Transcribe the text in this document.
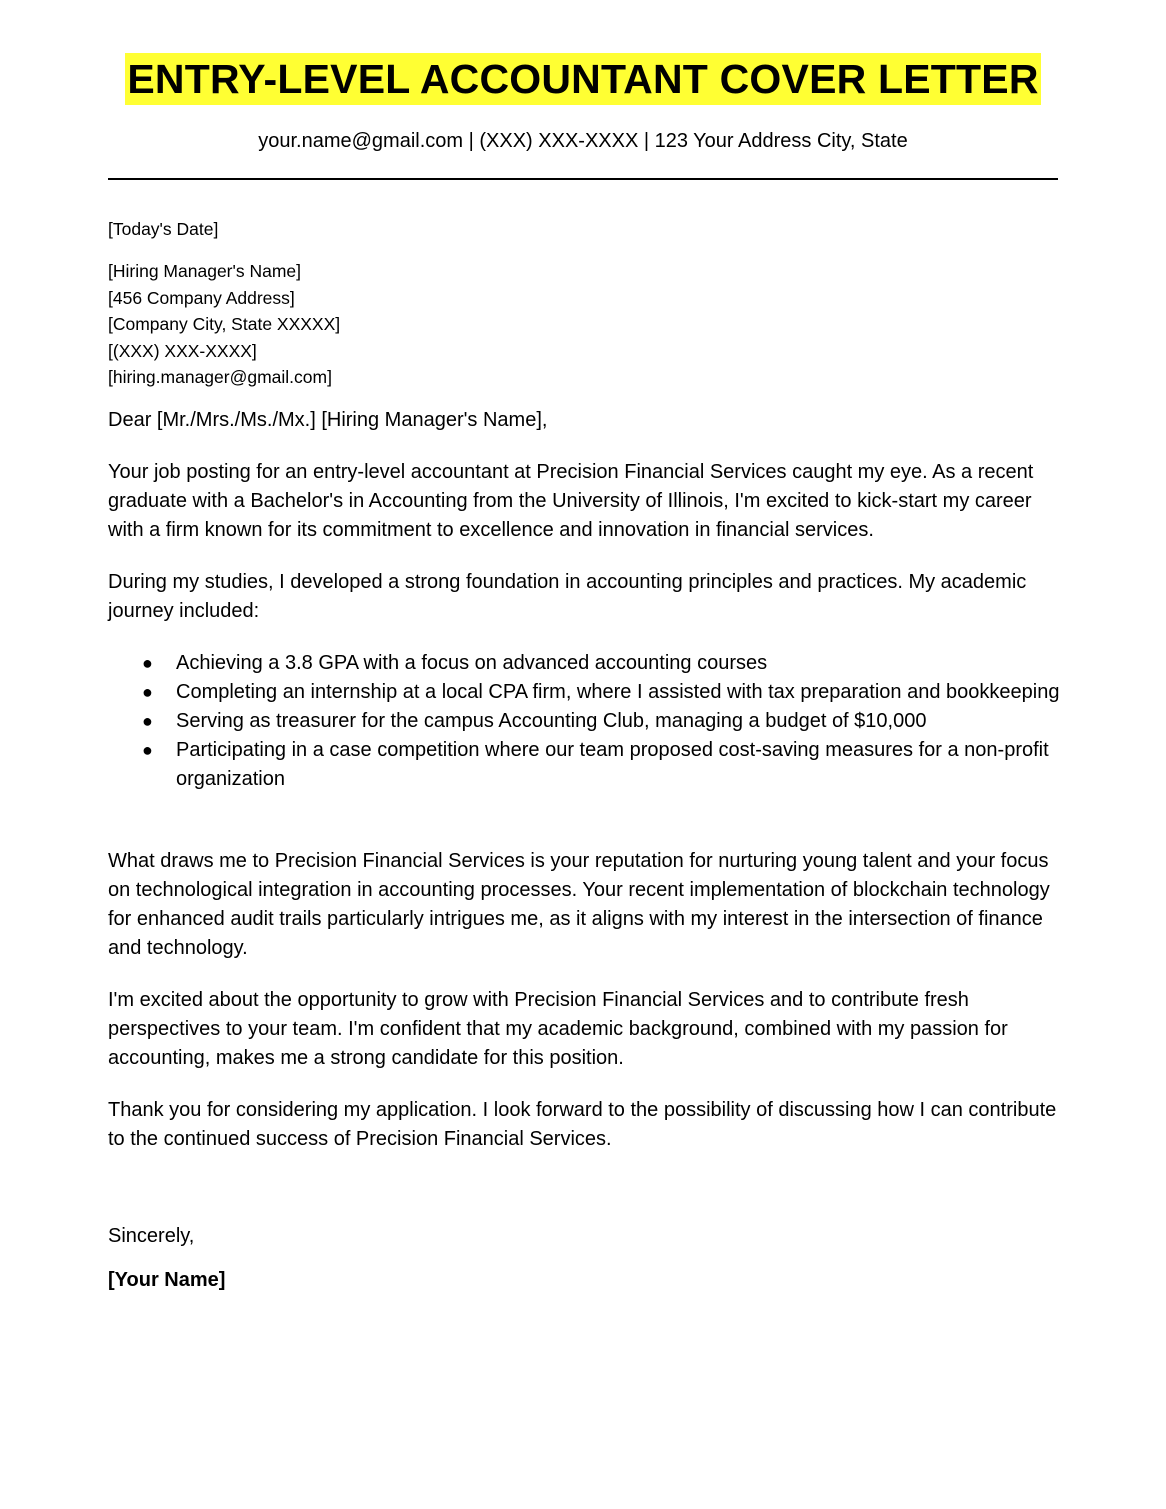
ENTRY-LEVEL ACCOUNTANT COVER LETTER
your.name@gmail.com | (XXX) XXX-XXXX | 123 Your Address City, State
[Today's Date]
[Hiring Manager's Name]
[456 Company Address]
[Company City, State XXXXX]
[(XXX) XXX-XXXX]
[hiring.manager@gmail.com]
Dear [Mr./Mrs./Ms./Mx.] [Hiring Manager's Name],

Your job posting for an entry-level accountant at Precision Financial Services caught my eye. As a recent graduate with a Bachelor's in Accounting from the University of Illinois, I'm excited to kick-start my career with a firm known for its commitment to excellence and innovation in financial services.

During my studies, I developed a strong foundation in accounting principles and practices. My academic journey included:

● Achieving a 3.8 GPA with a focus on advanced accounting courses
● Completing an internship at a local CPA firm, where I assisted with tax preparation and bookkeeping
● Serving as treasurer for the campus Accounting Club, managing a budget of $10,000
● Participating in a case competition where our team proposed cost-saving measures for a non-profit organization

What draws me to Precision Financial Services is your reputation for nurturing young talent and your focus on technological integration in accounting processes. Your recent implementation of blockchain technology for enhanced audit trails particularly intrigues me, as it aligns with my interest in the intersection of finance and technology.

I'm excited about the opportunity to grow with Precision Financial Services and to contribute fresh perspectives to your team. I'm confident that my academic background, combined with my passion for accounting, makes me a strong candidate for this position.

Thank you for considering my application. I look forward to the possibility of discussing how I can contribute to the continued success of Precision Financial Services.

Sincerely,
[Your Name]
